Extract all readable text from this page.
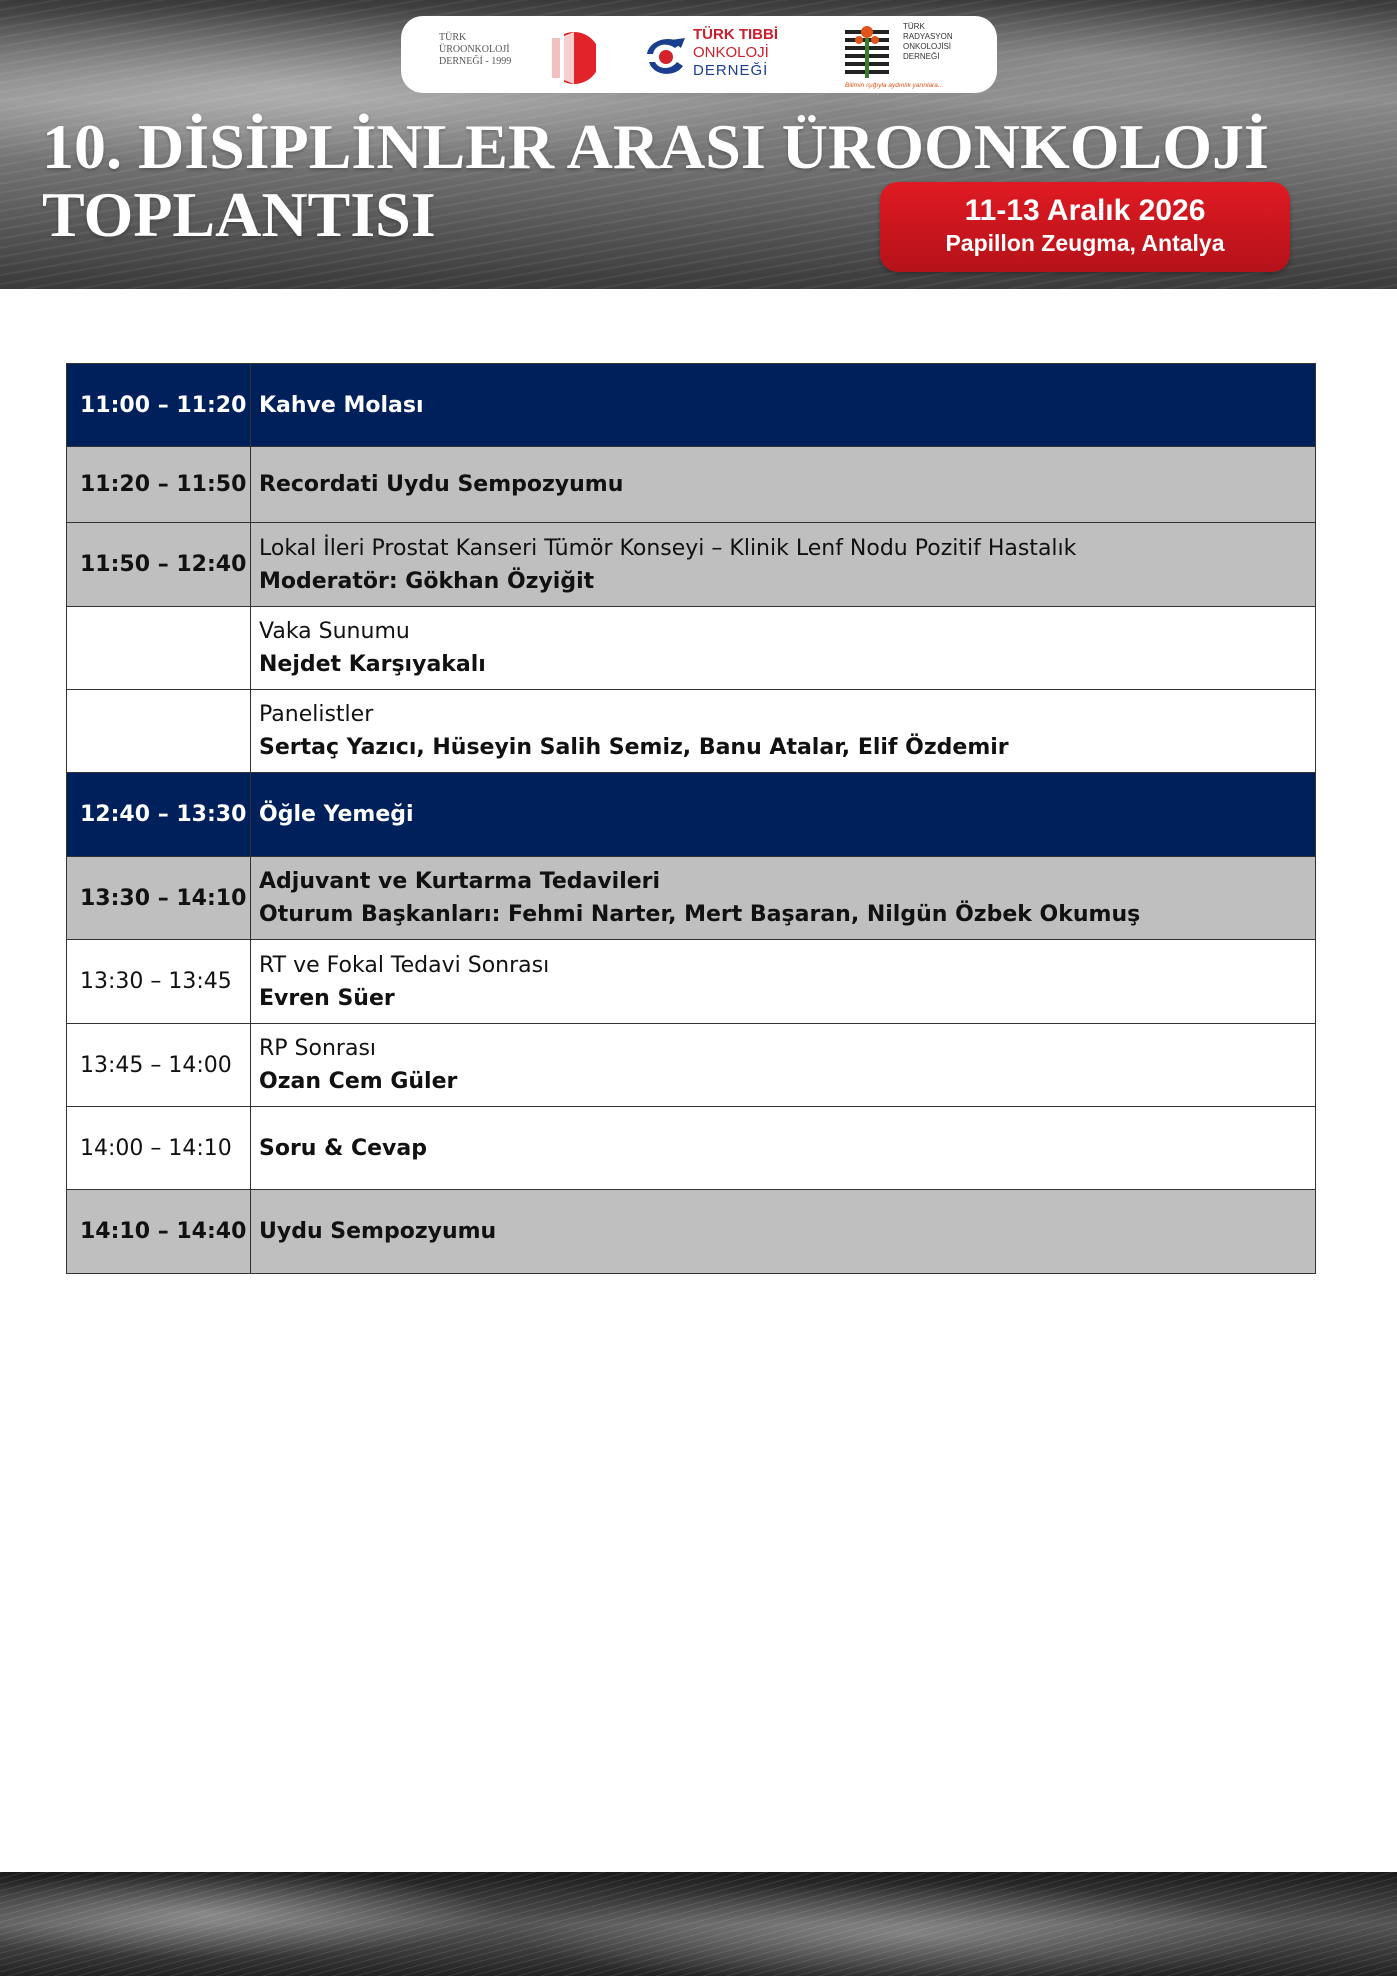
TÜRK
ÜROONKOLOJİ
DERNEĞİ - 1999
TÜRK TIBBİ
ONKOLOJİ
DERNEĞİ
TÜRK
RADYASYON
ONKOLOJİSİ
DERNEĞİ
Bilimin ışığıyla aydınlık yarınlara...
10. DİSİPLİNLER ARASI ÜROONKOLOJİ
TOPLANTISI	11-13 Aralık 2026
Papillon Zeugma, Antalya
11:00 – 11:20	Kahve Molası

11:20 – 11:50	Recordati Uydu Sempozyumu

11:50 – 12:40	Lokal İleri Prostat Kanseri Tümör Konseyi – Klinik Lenf Nodu Pozitif Hastalık
Moderatör: Gökhan Özyiğit

	Vaka Sunumu
Nejdet Karşıyakalı

	Panelistler
Sertaç Yazıcı, Hüseyin Salih Semiz, Banu Atalar, Elif Özdemir

12:40 – 13:30	Öğle Yemeği

13:30 – 14:10	Adjuvant ve Kurtarma Tedavileri
Oturum Başkanları: Fehmi Narter, Mert Başaran, Nilgün Özbek Okumuş

13:30 – 13:45	RT ve Fokal Tedavi Sonrası
Evren Süer

13:45 – 14:00	RP Sonrası
Ozan Cem Güler

14:00 – 14:10	Soru & Cevap

14:10 – 14:40	Uydu Sempozyumu
